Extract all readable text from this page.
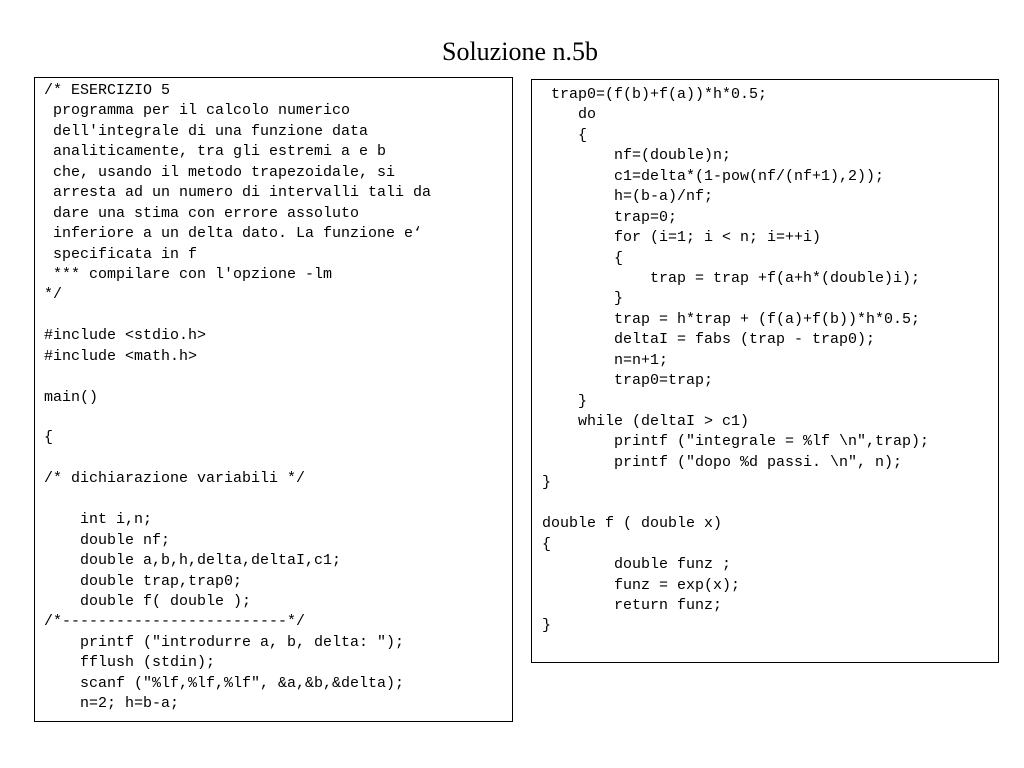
Soluzione n.5b
/* ESERCIZIO 5
programma per il calcolo numerico
dell'integrale di una funzione data
analiticamente, tra gli estremi a e b
che, usando il metodo trapezoidale, si
arresta ad un numero di intervalli tali da
dare una stima con errore assoluto
inferiore a un delta dato. La funzione e‘
specificata in f
*** compilare con l'opzione -lm
*/
#include <stdio.h>
#include <math.h>
main()
{
/* dichiarazione variabili */
int i,n;
double nf;
double a,b,h,delta,deltaI,c1;
double trap,trap0;
double f( double );
/*-------------------------*/
printf ("introdurre a, b, delta: ");
fflush (stdin);
scanf ("%lf,%lf,%lf", &a,&b,&delta);
n=2; h=b-a;
trap0=(f(b)+f(a))*h*0.5;
do
{
nf=(double)n;
c1=delta*(1-pow(nf/(nf+1),2));
h=(b-a)/nf;
trap=0;
for (i=1; i < n; i=++i)
{
trap = trap +f(a+h*(double)i);
}
trap = h*trap + (f(a)+f(b))*h*0.5;
deltaI = fabs (trap - trap0);
n=n+1;
trap0=trap;
}
while (deltaI > c1)
printf ("integrale = %lf \n",trap);
printf ("dopo %d passi. \n", n);
}
double f ( double x)
{
double funz ;
funz = exp(x);
return funz;
}
